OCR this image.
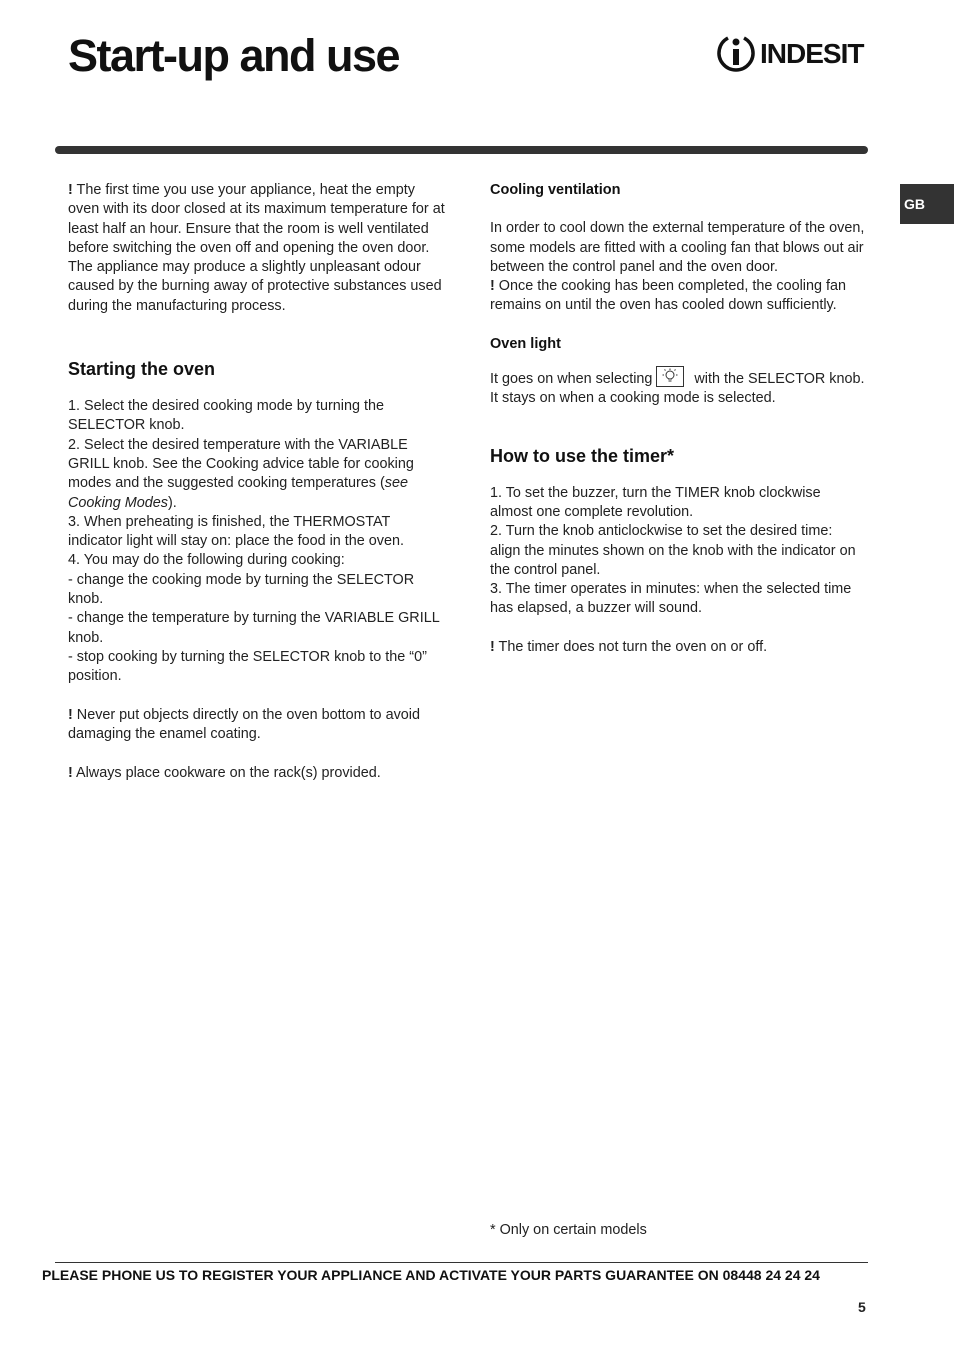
Start-up and use	INDESIT
GB

! The first time you use your appliance, heat the empty oven with its door closed at its maximum temperature for at least half an hour. Ensure that the room is well ventilated before switching the oven off and opening the oven door. The appliance may produce a slightly unpleasant odour caused by the burning away of protective substances used during the manufacturing process.

Starting the oven

1. Select the desired cooking mode by turning the SELECTOR knob.

2. Select the desired temperature with the VARIABLE GRILL knob. See the Cooking advice table for cooking modes and the suggested cooking temperatures (see Cooking Modes).

3. When preheating is finished, the THERMOSTAT indicator light will stay on: place the food in the oven.

4. You may do the following during cooking:

- change the cooking mode by turning the SELECTOR knob.

- change the temperature by turning the VARIABLE GRILL knob.

- stop cooking by turning the SELECTOR knob to the “0” position.

! Never put objects directly on the oven bottom to avoid damaging the enamel coating.

! Always place cookware on the rack(s) provided.

Cooling ventilation

In order to cool down the external temperature of the oven, some models are fitted with a cooling fan that blows out air between the control panel and the oven door.

! Once the cooking has been completed, the cooling fan remains on until the oven has cooled down sufficiently.

Oven light

It goes on when selecting	with the SELECTOR knob. It stays on when a cooking mode is selected.

How to use the timer*

1. To set the buzzer, turn the TIMER knob clockwise almost one complete revolution.

2. Turn the knob anticlockwise to set the desired time: align the minutes shown on the knob with the indicator on the control panel.

3. The timer operates in minutes: when the selected time has elapsed, a buzzer will sound.

! The timer does not turn the oven on or off.

* Only on certain models
PLEASE PHONE US TO REGISTER YOUR APPLIANCE AND ACTIVATE YOUR PARTS GUARANTEE ON 08448 24 24 24
5
